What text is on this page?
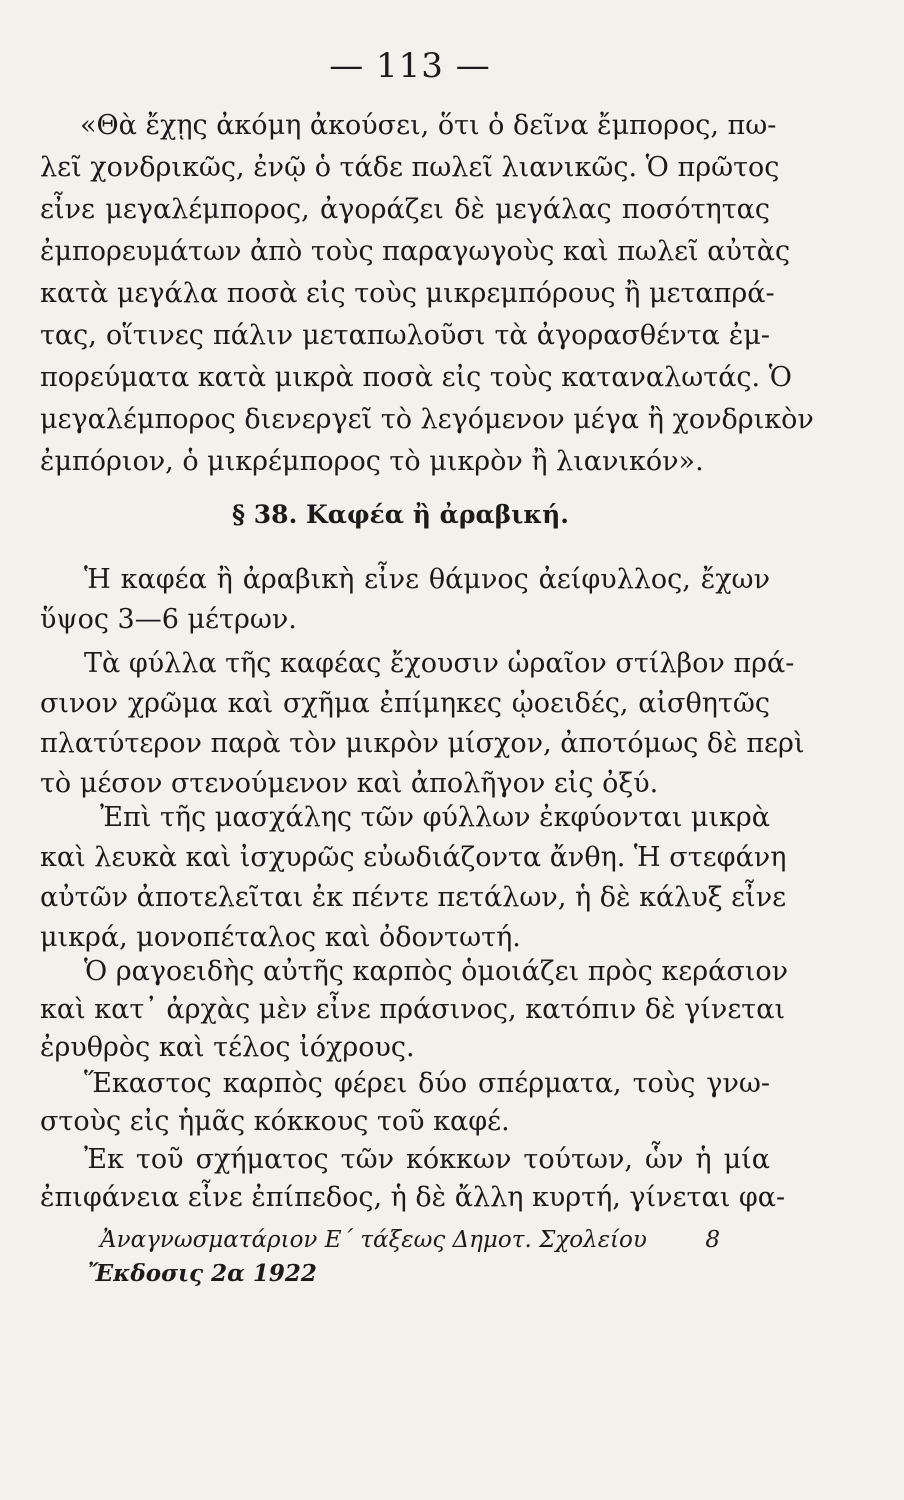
— 113 —
«Θὰ ἔχῃς ἀκόμη ἀκούσει, ὅτι ὁ δεῖνα ἔμπορος, πω-
λεῖ χονδρικῶς, ἐνῷ ὁ τάδε πωλεῖ λιανικῶς. Ὁ πρῶτος
εἶνε μεγαλέμπορος, ἀγοράζει δὲ μεγάλας ποσότητας
ἐμπορευμάτων ἀπὸ τοὺς παραγωγοὺς καὶ πωλεῖ αὐτὰς
κατὰ μεγάλα ποσὰ εἰς τοὺς μικρεμπόρους ἢ μεταπρά-
τας, οἵτινες πάλιν μεταπωλοῦσι τὰ ἀγορασθέντα ἐμ-
πορεύματα κατὰ μικρὰ ποσὰ εἰς τοὺς καταναλωτάς. Ὁ
μεγαλέμπορος διενεργεῖ τὸ λεγόμενον μέγα ἢ χονδρικὸν
ἐμπόριον, ὁ μικρέμπορος τὸ μικρὸν ἢ λιανικόν».
§ 38. Καφέα ἢ ἀραβική.
Ἡ καφέα ἢ ἀραβικὴ εἶνε θάμνος ἀείφυλλος, ἔχων
ὕψος 3—6 μέτρων.
Τὰ φύλλα τῆς καφέας ἔχουσιν ὡραῖον στίλβον πρά-
σινον χρῶμα καὶ σχῆμα ἐπίμηκες ᾠοειδές, αἰσθητῶς
πλατύτερον παρὰ τὸν μικρὸν μίσχον, ἀποτόμως δὲ περὶ
τὸ μέσον στενούμενον καὶ ἀπολῆγον εἰς ὀξύ.
Ἐπὶ τῆς μασχάλης τῶν φύλλων ἐκφύονται μικρὰ
καὶ λευκὰ καὶ ἰσχυρῶς εὐωδιάζοντα ἄνθη. Ἡ στεφάνη
αὐτῶν ἀποτελεῖται ἐκ πέντε πετάλων, ἡ δὲ κάλυξ εἶνε
μικρά, μονοπέταλος καὶ ὀδοντωτή.
Ὁ ραγοειδὴς αὐτῆς καρπὸς ὁμοιάζει πρὸς κεράσιον
καὶ κατ᾿ ἀρχὰς μὲν εἶνε πράσινος, κατόπιν δὲ γίνεται
ἐρυθρὸς καὶ τέλος ἰόχρους.
Ἕκαστος καρπὸς φέρει δύο σπέρματα, τοὺς γνω-
στοὺς εἰς ἡμᾶς κόκκους τοῦ καφέ.
Ἐκ τοῦ σχήματος τῶν κόκκων τούτων, ὧν ἡ μία
ἐπιφάνεια εἶνε ἐπίπεδος, ἡ δὲ ἄλλη κυρτή, γίνεται φα-
Ἀναγνωσματάριον Ε΄ τάξεως Δημοτ. Σχολείου	8
Ἔκδοσις 2α 1922
